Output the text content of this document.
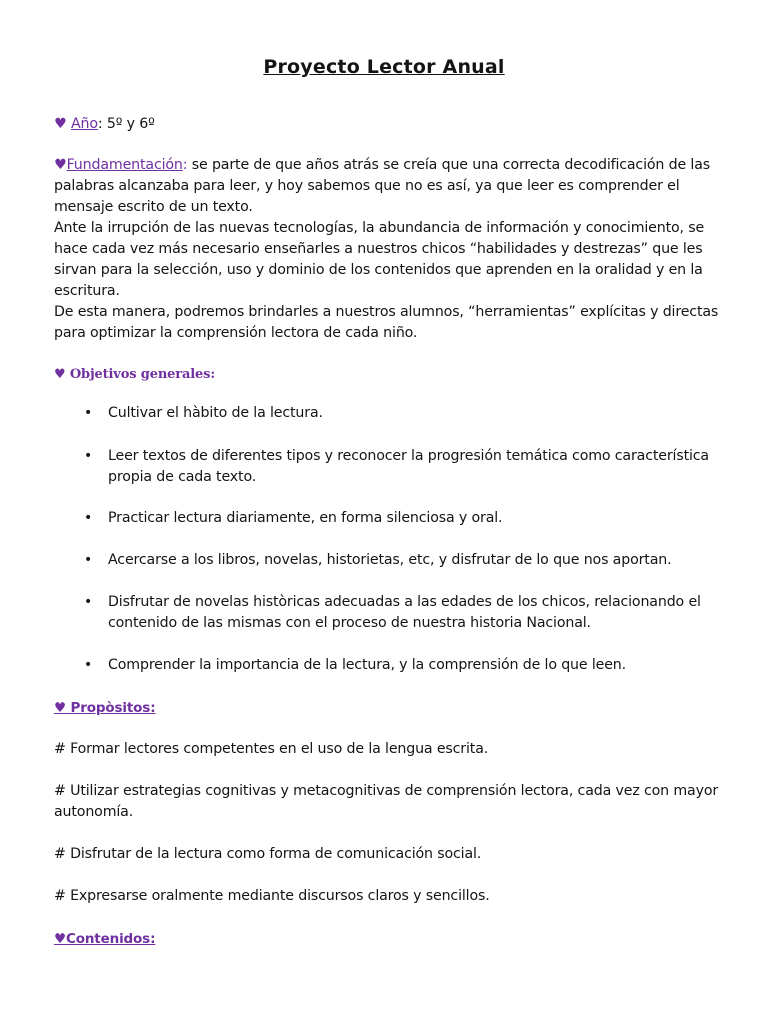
Proyecto Lector Anual
♥ Año: 5º y 6º

♥Fundamentación: se parte de que años atrás se creía que una correcta decodificación de las palabras alcanzaba para leer, y hoy sabemos que no es así, ya que leer es comprender el mensaje escrito de un texto.

Ante la irrupción de las nuevas tecnologías, la abundancia de información y conocimiento, se hace cada vez más necesario enseñarles a nuestros chicos “habilidades y destrezas” que les sirvan para la selección, uso y dominio de los contenidos que aprenden en la oralidad y en la escritura.

De esta manera, podremos brindarles a nuestros alumnos, “herramientas” explícitas y directas para optimizar la comprensión lectora de cada niño.

♥ Objetivos generales:
• Cultivar el hàbito de la lectura.
• Leer textos de diferentes tipos y reconocer la progresión temática como característica propia de cada texto.
• Practicar lectura diariamente, en forma silenciosa y oral.
• Acercarse a los libros, novelas, historietas, etc, y disfrutar de lo que nos aportan.
• Disfrutar de novelas històricas adecuadas a las edades de los chicos, relacionando el contenido de las mismas con el proceso de nuestra historia Nacional.
• Comprender la importancia de la lectura, y la comprensión de lo que leen.
♥ Propòsitos:
# Formar lectores competentes en el uso de la lengua escrita.
# Utilizar estrategias cognitivas y metacognitivas de comprensión lectora, cada vez con mayor autonomía.
# Disfrutar de la lectura como forma de comunicación social.
# Expresarse oralmente mediante discursos claros y sencillos.
♥Contenidos:
